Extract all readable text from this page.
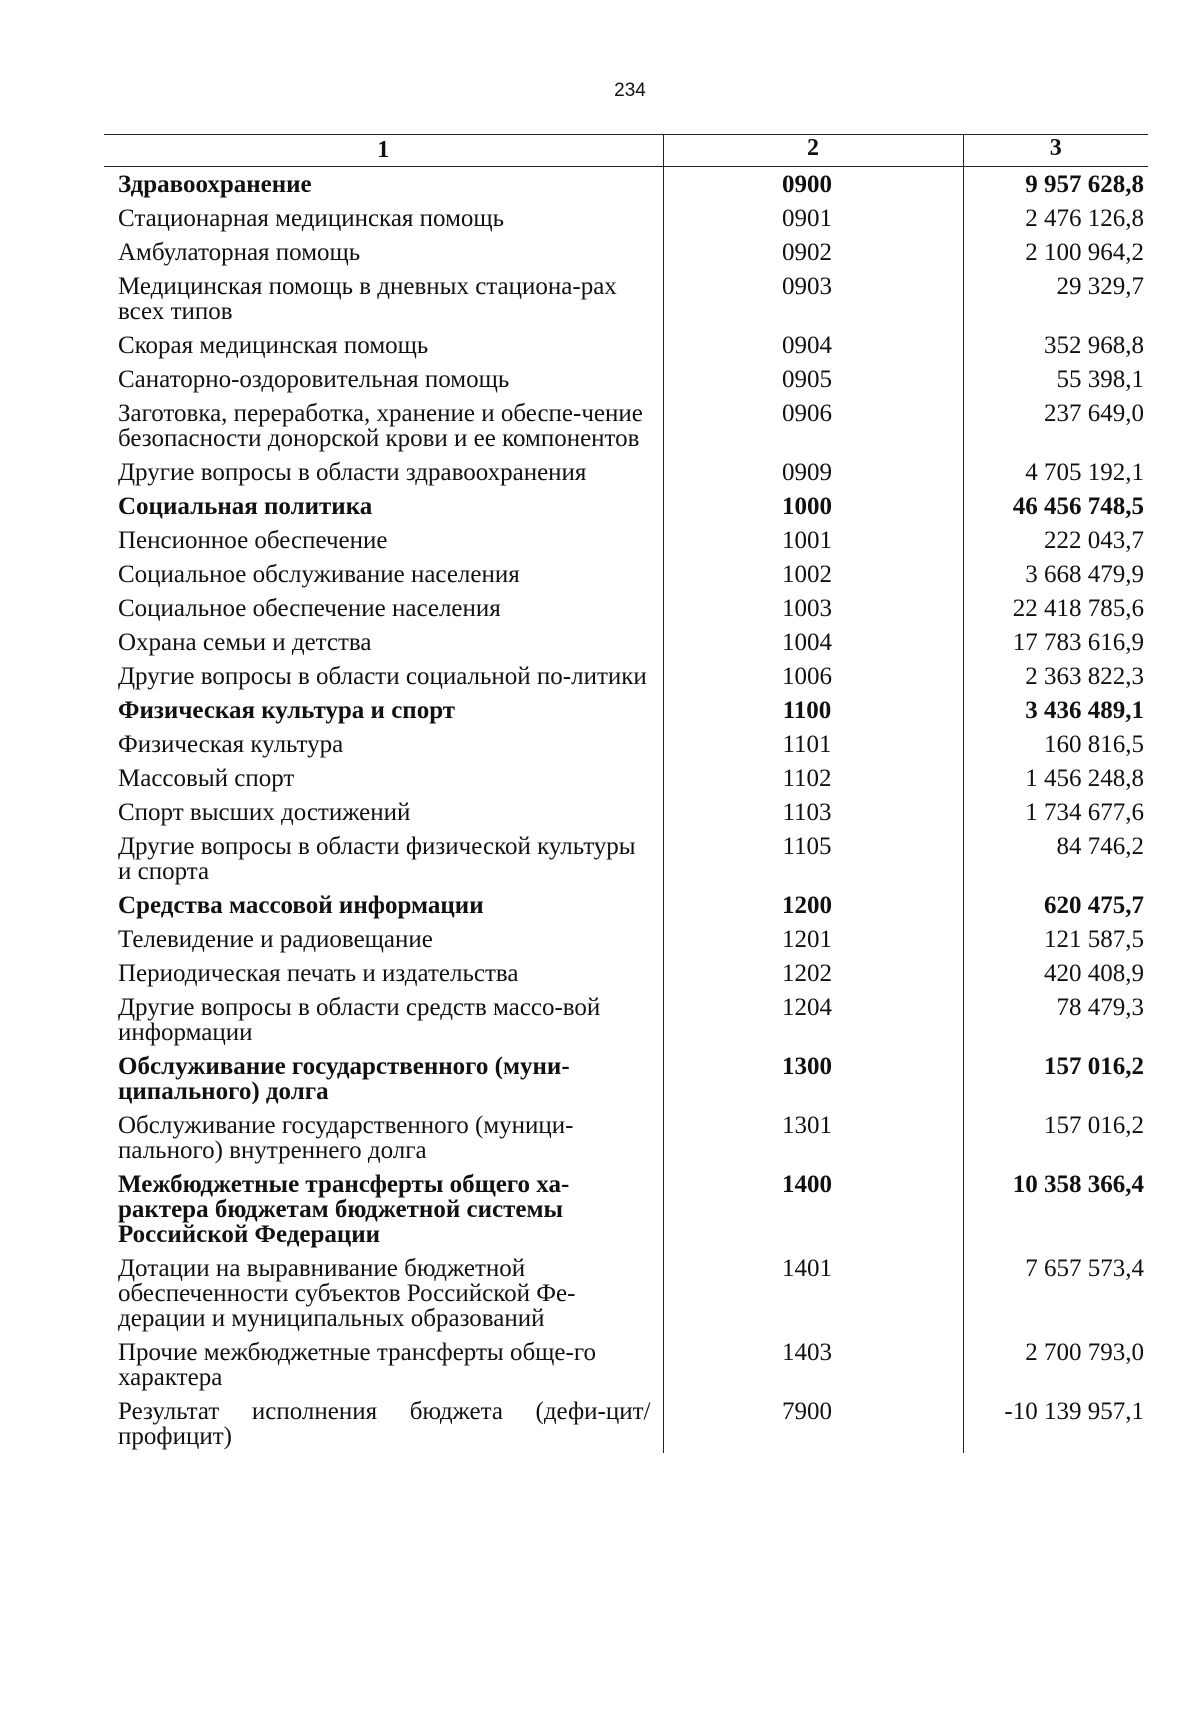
234
1	2	3
Здравоохранение	0900	9 957 628,8
Стационарная медицинская помощь	0901	2 476 126,8
Амбулаторная помощь	0902	2 100 964,2
Медицинская помощь в дневных стациона-рах всех типов	0903	29 329,7
Скорая медицинская помощь	0904	352 968,8
Санаторно-оздоровительная помощь	0905	55 398,1
Заготовка, переработка, хранение и обеспе-чение безопасности донорской крови и ее компонентов	0906	237 649,0
Другие вопросы в области здравоохранения	0909	4 705 192,1
Социальная политика	1000	46 456 748,5
Пенсионное обеспечение	1001	222 043,7
Социальное обслуживание населения	1002	3 668 479,9
Социальное обеспечение населения	1003	22 418 785,6
Охрана семьи и детства	1004	17 783 616,9
Другие вопросы в области социальной по-литики	1006	2 363 822,3
Физическая культура и спорт	1100	3 436 489,1
Физическая культура	1101	160 816,5
Массовый спорт	1102	1 456 248,8
Спорт высших достижений	1103	1 734 677,6
Другие вопросы в области физической культуры и спорта	1105	84 746,2
Средства массовой информации	1200	620 475,7
Телевидение и радиовещание	1201	121 587,5
Периодическая печать и издательства	1202	420 408,9
Другие вопросы в области средств массо-вой информации	1204	78 479,3
Обслуживание государственного (муни-ципального) долга	1300	157 016,2
Обслуживание государственного (муници-пального) внутреннего долга	1301	157 016,2
Межбюджетные трансферты общего ха-рактера бюджетам бюджетной системы Российской Федерации	1400	10 358 366,4
Дотации на выравнивание бюджетной обеспеченности субъектов Российской Фе-дерации и муниципальных образований	1401	7 657 573,4
Прочие межбюджетные трансферты обще-го характера	1403	2 700 793,0
Результат исполнения бюджета (дефи-цит/профицит)	7900	-10 139 957,1
